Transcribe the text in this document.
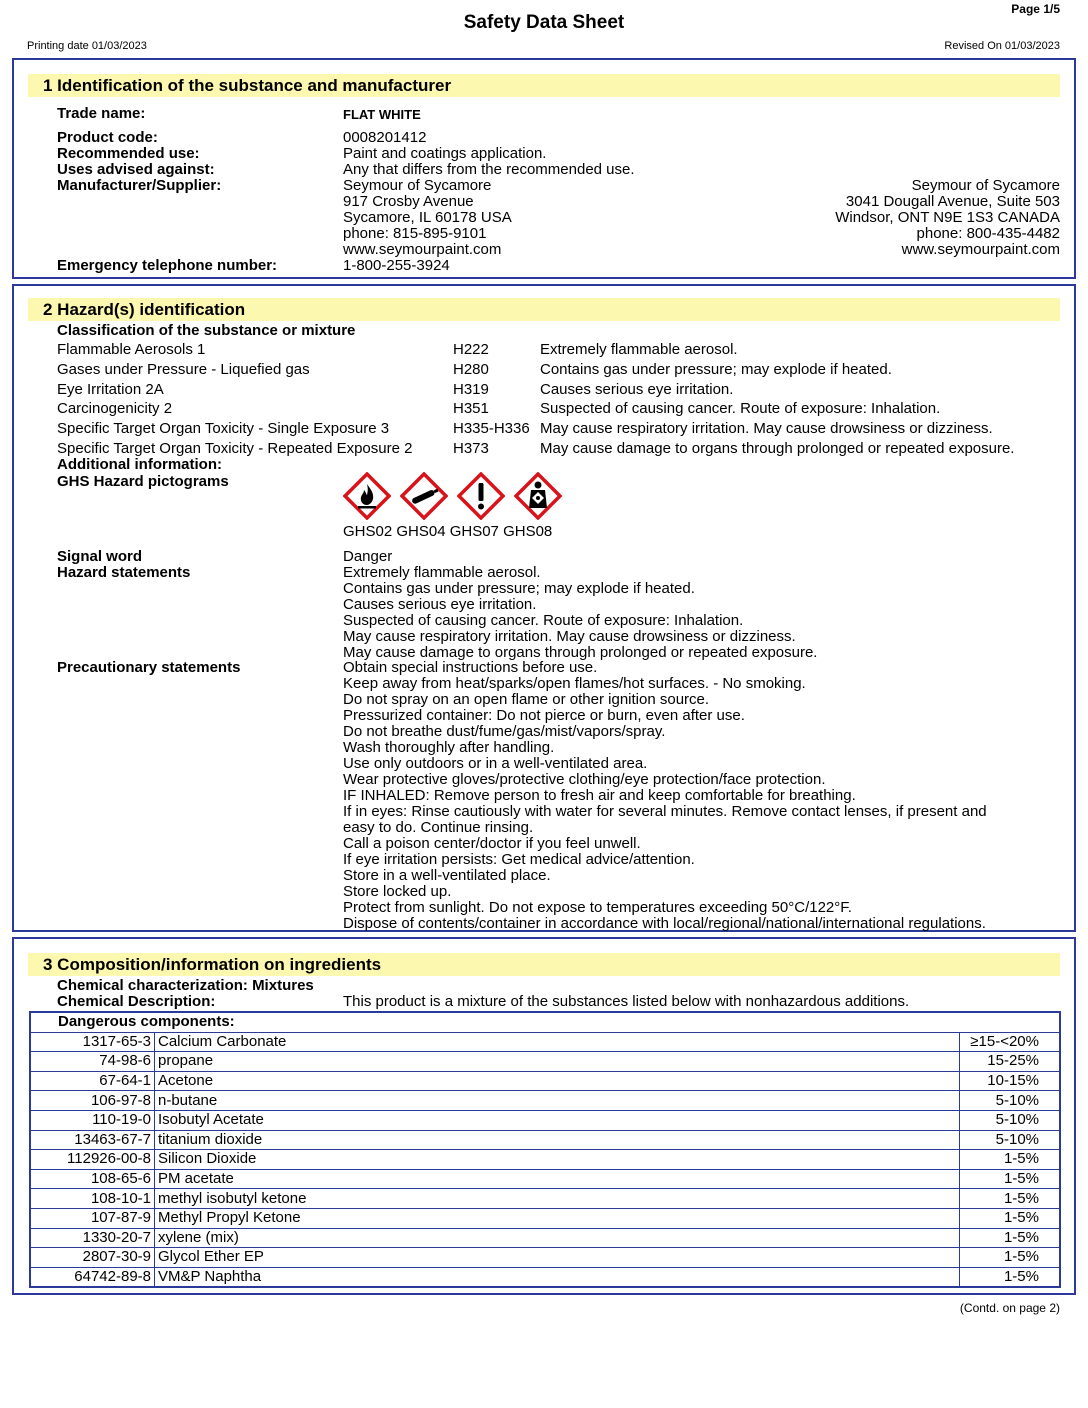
Page 1/5
Safety Data Sheet
Printing date 01/03/2023	Revised On 01/03/2023
1 Identification of the substance and manufacturer
Trade name:	FLAT WHITE
Product code:	0008201412
Recommended use:	Paint and coatings application.
Uses advised against:	Any that differs from the recommended use.
Manufacturer/Supplier:	Seymour of Sycamore
917 Crosby Avenue
Sycamore, IL 60178 USA
phone: 815-895-9101
www.seymourpaint.com
Seymour of Sycamore
3041 Dougall Avenue, Suite 503
Windsor, ONT N9E 1S3 CANADA
phone: 800-435-4482
www.seymourpaint.com
Emergency telephone number:	1-800-255-3924
2 Hazard(s) identification
Classification of the substance or mixture
Flammable Aerosols 1	H222	Extremely flammable aerosol.
Gases under Pressure - Liquefied gas	H280	Contains gas under pressure; may explode if heated.
Eye Irritation 2A	H319	Causes serious eye irritation.
Carcinogenicity 2	H351	Suspected of causing cancer. Route of exposure: Inhalation.
Specific Target Organ Toxicity - Single Exposure 3	H335-H336 May cause respiratory irritation. May cause drowsiness or dizziness.
Specific Target Organ Toxicity - Repeated Exposure 2	H373	May cause damage to organs through prolonged or repeated exposure.
Additional information:
GHS Hazard pictograms
GHS02 GHS04 GHS07 GHS08
Signal word	Danger
Hazard statements	Extremely flammable aerosol.
Contains gas under pressure; may explode if heated.
Causes serious eye irritation.
Suspected of causing cancer. Route of exposure: Inhalation.
May cause respiratory irritation. May cause drowsiness or dizziness.
May cause damage to organs through prolonged or repeated exposure.
Precautionary statements	Obtain special instructions before use.
Keep away from heat/sparks/open flames/hot surfaces. - No smoking.
Do not spray on an open flame or other ignition source.
Pressurized container: Do not pierce or burn, even after use.
Do not breathe dust/fume/gas/mist/vapors/spray.
Wash thoroughly after handling.
Use only outdoors or in a well-ventilated area.
Wear protective gloves/protective clothing/eye protection/face protection.
IF INHALED: Remove person to fresh air and keep comfortable for breathing.
If in eyes: Rinse cautiously with water for several minutes. Remove contact lenses, if present and
easy to do. Continue rinsing.
Call a poison center/doctor if you feel unwell.
If eye irritation persists: Get medical advice/attention.
Store in a well-ventilated place.
Store locked up.
Protect from sunlight. Do not expose to temperatures exceeding 50°C/122°F.
Dispose of contents/container in accordance with local/regional/national/international regulations.
3 Composition/information on ingredients
Chemical characterization: Mixtures
Chemical Description:	This product is a mixture of the substances listed below with nonhazardous additions.
Dangerous components:		
1317-65-3	Calcium Carbonate	≥15-<20%
74-98-6	propane	15-25%
67-64-1	Acetone	10-15%
106-97-8	n-butane	5-10%
110-19-0	Isobutyl Acetate	5-10%
13463-67-7	titanium dioxide	5-10%
112926-00-8	Silicon Dioxide	1-5%
108-65-6	PM acetate	1-5%
108-10-1	methyl isobutyl ketone	1-5%
107-87-9	Methyl Propyl Ketone	1-5%
1330-20-7	xylene (mix)	1-5%
2807-30-9	Glycol Ether EP	1-5%
64742-89-8	VM&P Naphtha	1-5%
(Contd. on page 2)
